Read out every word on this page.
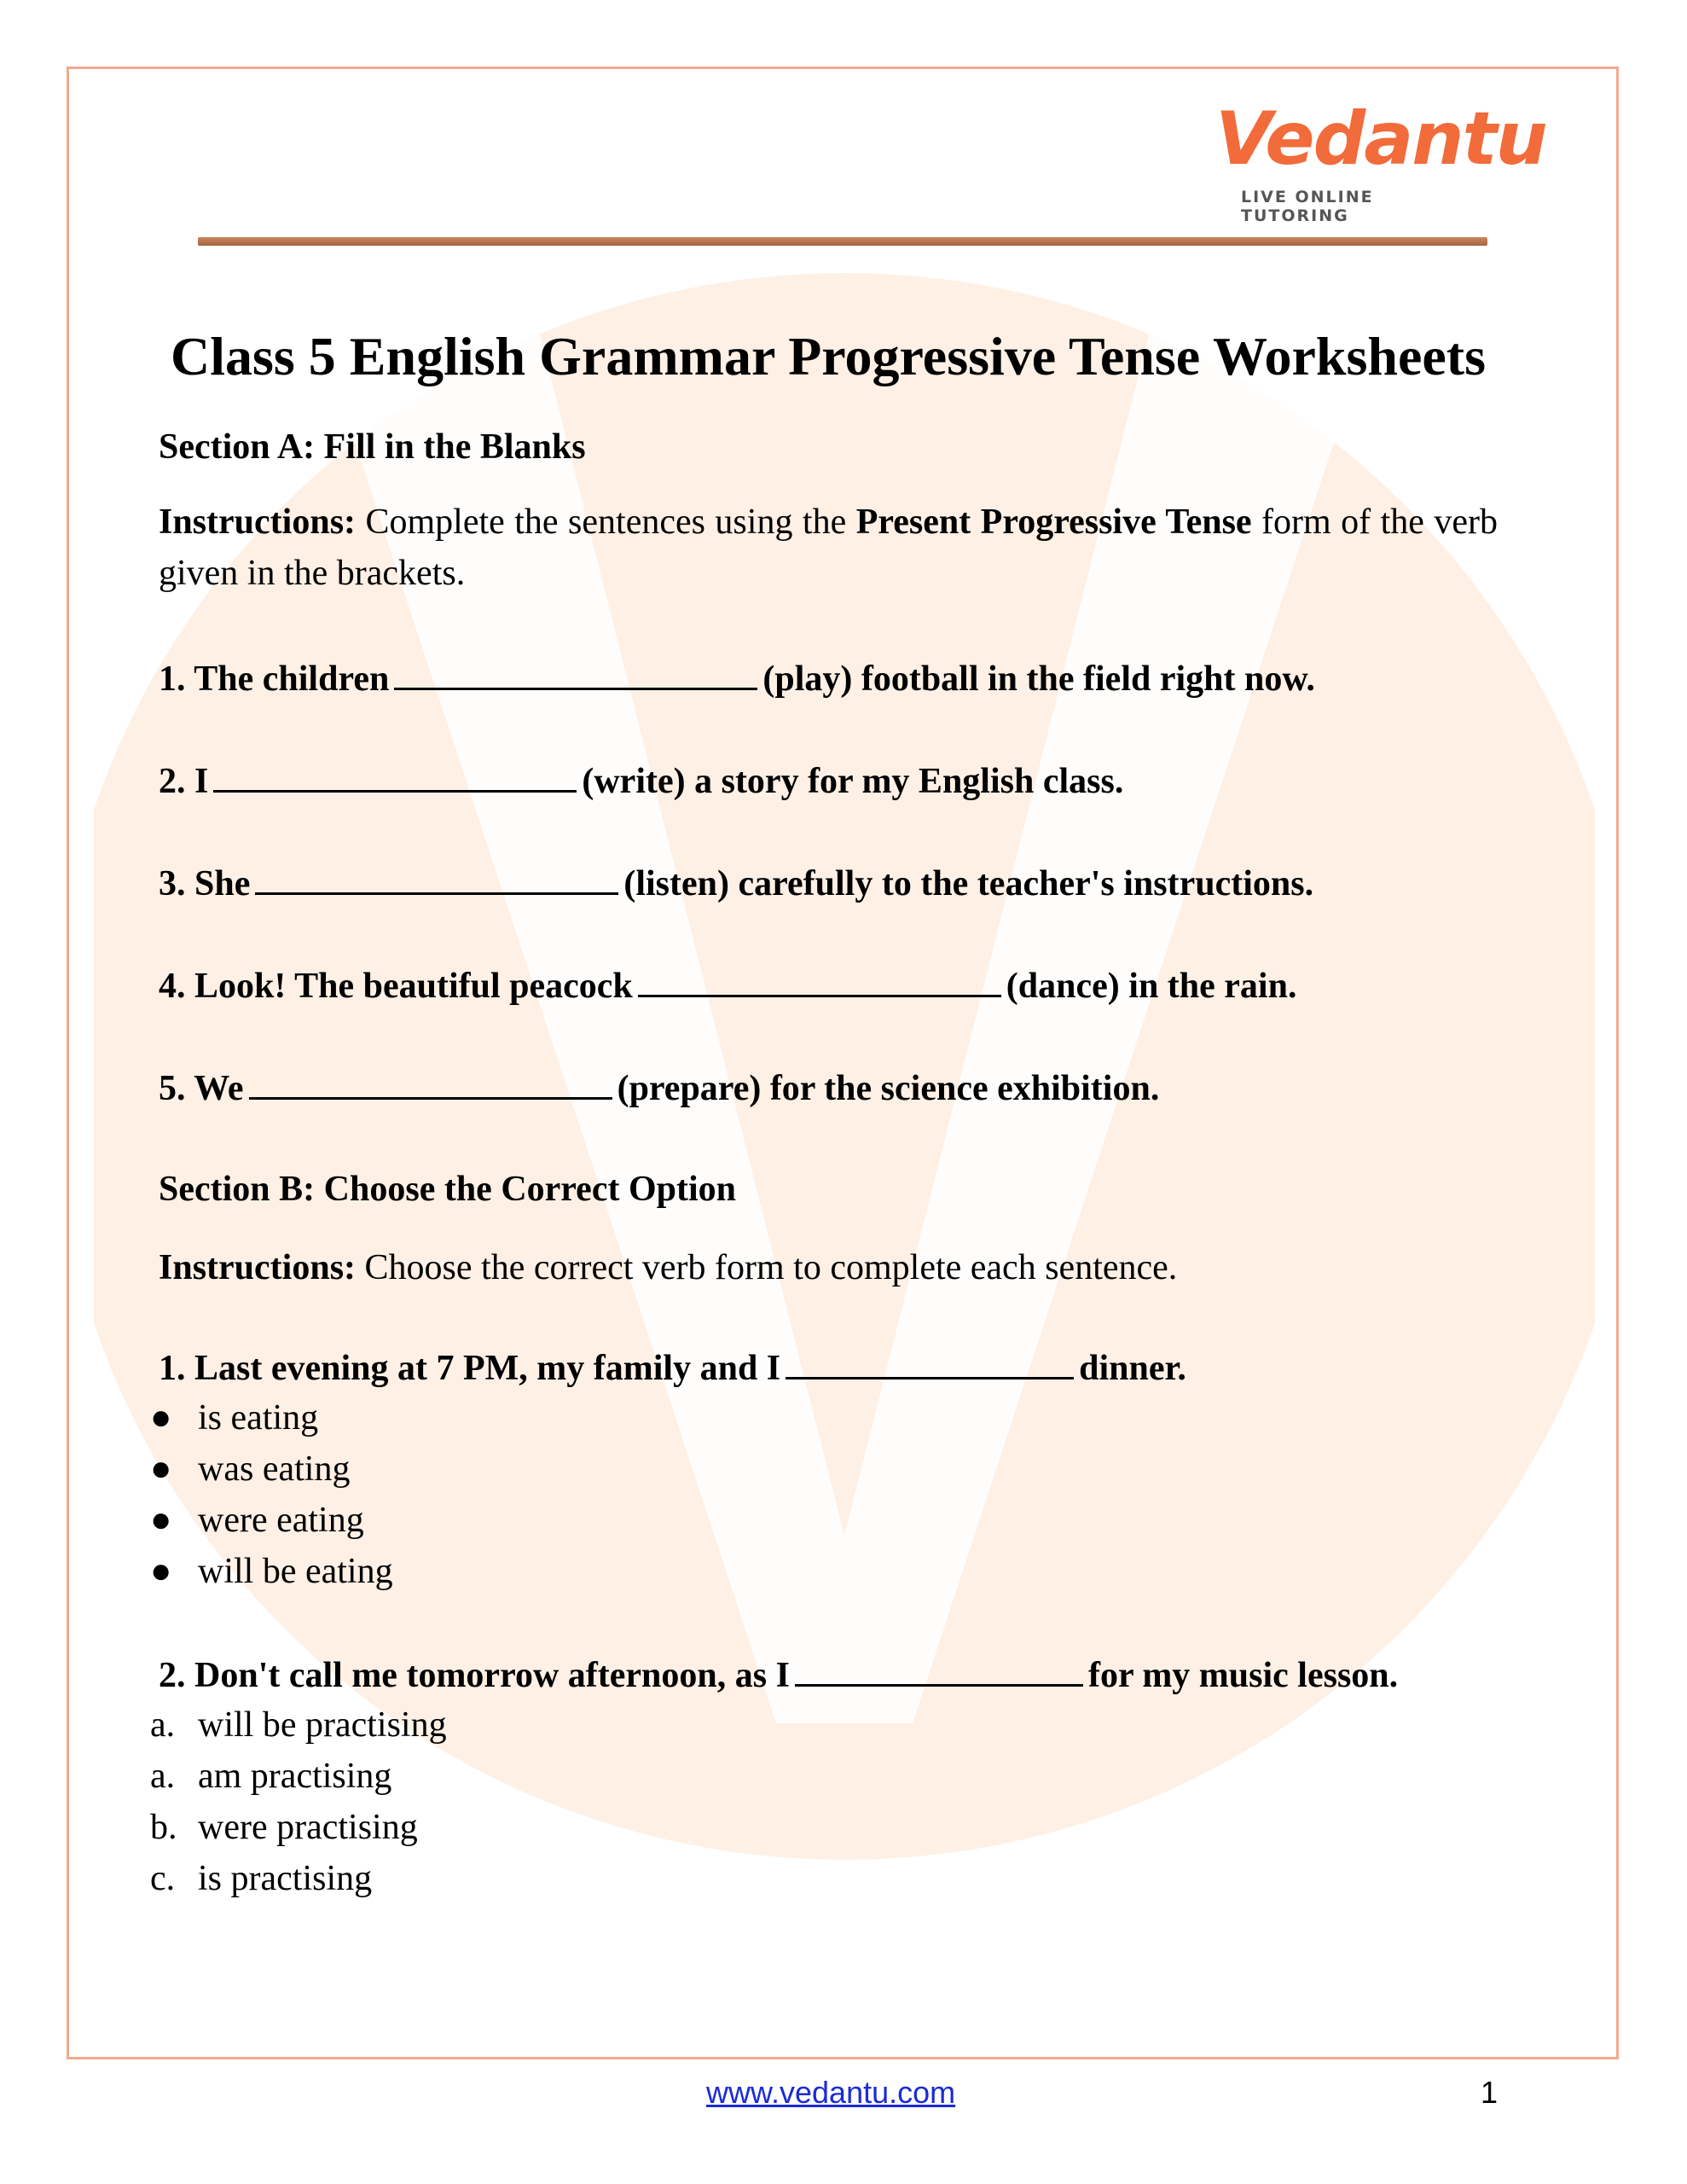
Vedantu
LIVE ONLINE TUTORING
Class 5 English Grammar Progressive Tense Worksheets
Section A: Fill in the Blanks
Instructions: Complete the sentences using the Present Progressive Tense form of the verb given in the brackets.
1. The children	(play) football in the field right now.
2. I	(write) a story for my English class.
3. She	(listen) carefully to the teacher's instructions.
4. Look! The beautiful peacock	(dance) in the rain.
5. We	(prepare) for the science exhibition.
Section B: Choose the Correct Option
Instructions: Choose the correct verb form to complete each sentence.
1. Last evening at 7 PM, my family and I	dinner.
● is eating
● was eating
● were eating
● will be eating
2. Don't call me tomorrow afternoon, as I	for my music lesson.
a. will be practising
a. am practising
b. were practising
c. is practising
www.vedantu.com	1
